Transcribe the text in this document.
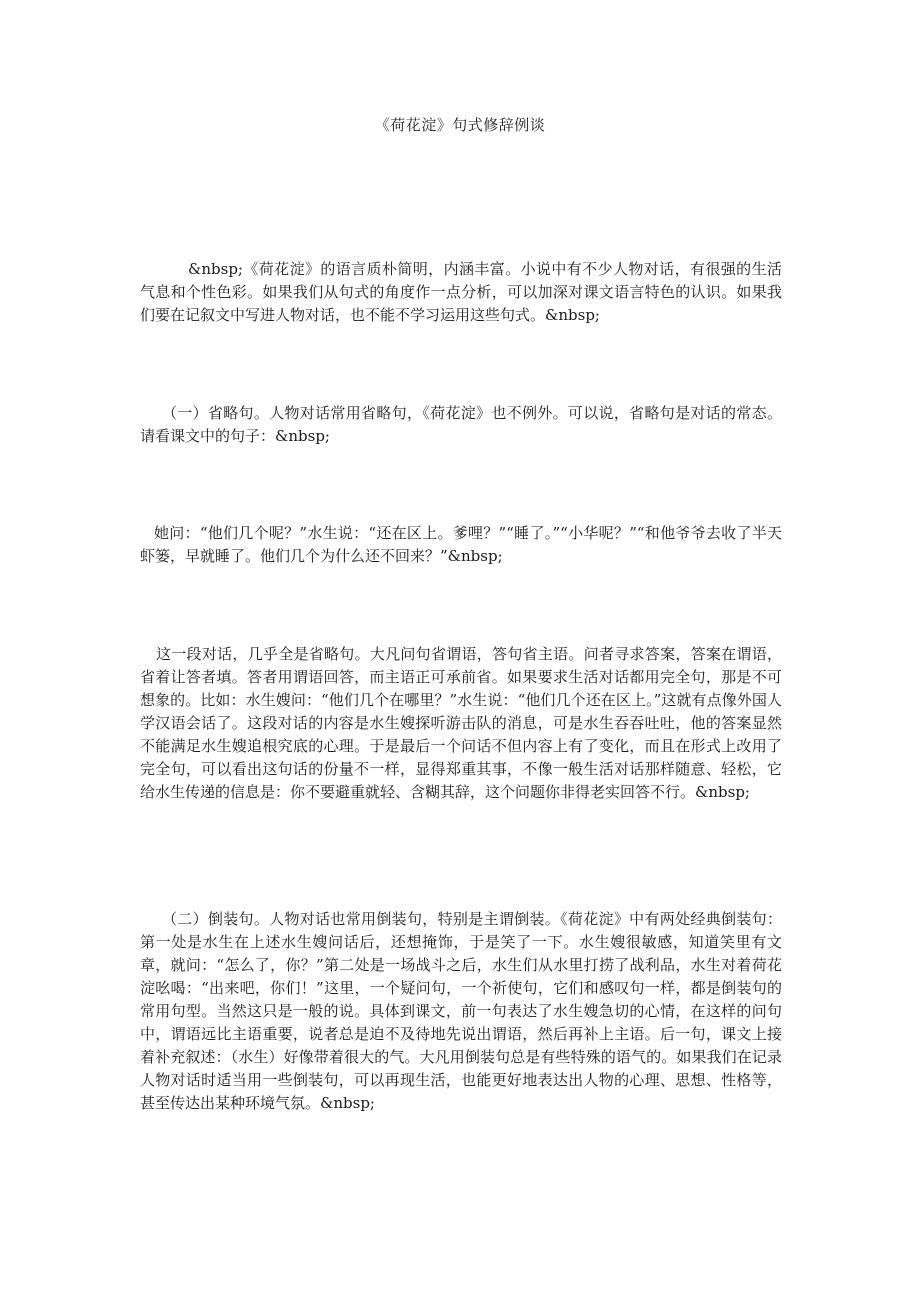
《荷花淀》句式修辞例谈

&nbsp;《荷花淀》的语言质朴简明，内涵丰富。小说中有不少人物对话，有很强的生活气息和个性色彩。如果我们从句式的角度作一点分析，可以加深对课文语言特色的认识。如果我们要在记叙文中写进人物对话，也不能不学习运用这些句式。&nbsp;

（一）省略句。人物对话常用省略句，《荷花淀》也不例外。可以说，省略句是对话的常态。请看课文中的句子：&nbsp;

她问：“他们几个呢？”水生说：“还在区上。爹哩？”“睡了。”“小华呢？”“和他爷爷去收了半天虾篓，早就睡了。他们几个为什么还不回来？”&nbsp;

这一段对话，几乎全是省略句。大凡问句省谓语，答句省主语。问者寻求答案，答案在谓语，省着让答者填。答者用谓语回答，而主语正可承前省。如果要求生活对话都用完全句，那是不可想象的。比如：水生嫂问：“他们几个在哪里？”水生说：“他们几个还在区上。”这就有点像外国人学汉语会话了。这段对话的内容是水生嫂探听游击队的消息，可是水生吞吞吐吐，他的答案显然不能满足水生嫂追根究底的心理。于是最后一个问话不但内容上有了变化，而且在形式上改用了完全句，可以看出这句话的份量不一样，显得郑重其事，不像一般生活对话那样随意、轻松，它给水生传递的信息是：你不要避重就轻、含糊其辞，这个问题你非得老实回答不行。&nbsp;

（二）倒装句。人物对话也常用倒装句，特别是主谓倒装。《荷花淀》中有两处经典倒装句：第一处是水生在上述水生嫂问话后，还想掩饰，于是笑了一下。水生嫂很敏感，知道笑里有文章，就问：“怎么了，你？”第二处是一场战斗之后，水生们从水里打捞了战利品，水生对着荷花淀吆喝：“出来吧，你们！”这里，一个疑问句，一个祈使句，它们和感叹句一样，都是倒装句的常用句型。当然这只是一般的说。具体到课文，前一句表达了水生嫂急切的心情，在这样的问句中，谓语远比主语重要，说者总是迫不及待地先说出谓语，然后再补上主语。后一句，课文上接着补充叙述：（水生）好像带着很大的气。大凡用倒装句总是有些特殊的语气的。如果我们在记录人物对话时适当用一些倒装句，可以再现生活，也能更好地表达出人物的心理、思想、性格等，甚至传达出某种环境气氛。&nbsp;
